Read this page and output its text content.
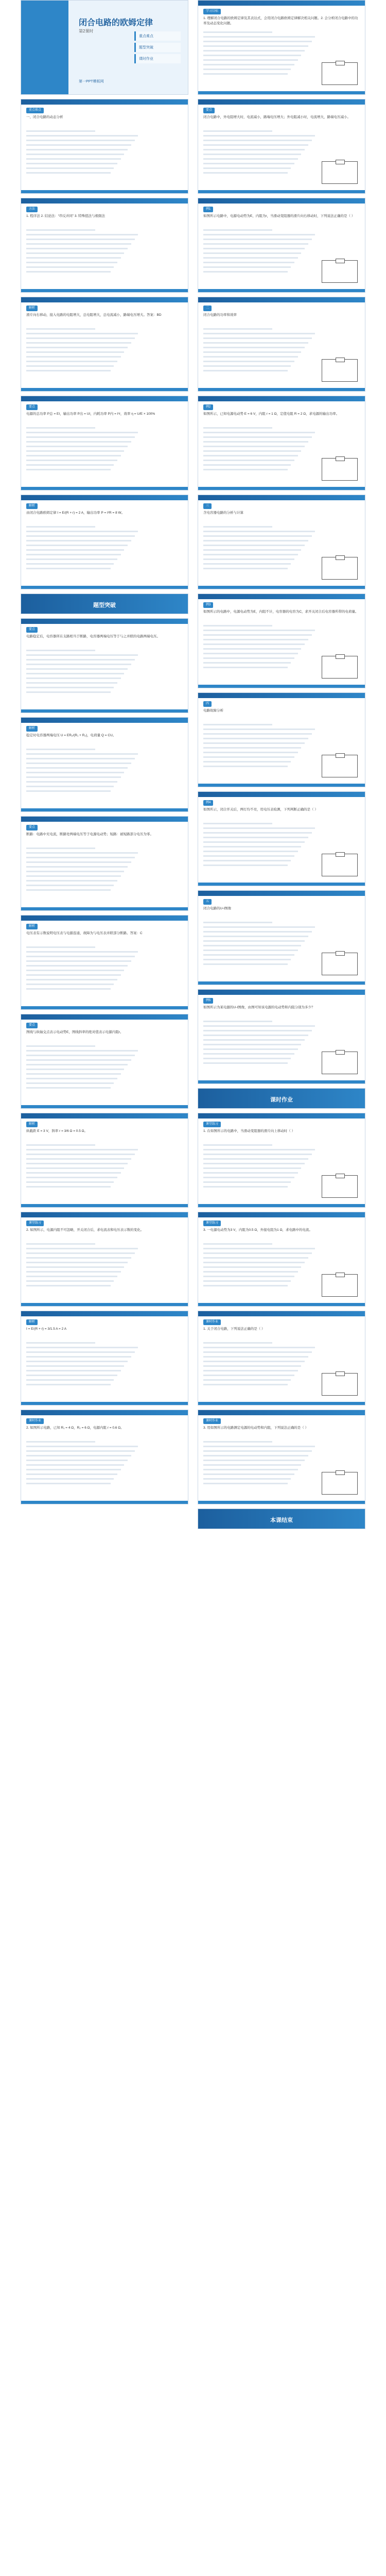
闭合电路的欧姆定律
第2课时
第一PPT模板网
重点难点
题型突破
课时作业
重点难点

一、闭合电路的动态分析

方法

1. 程序法 2. 结论法：“串反并同” 3. 特殊值法与极限法

解析

滑片向右移动，接入电路的电阻增大，总电阻增大，总电流减小，路端电压增大。答案：BD

要点

电源的总功率 P总 = EI，输出功率 P出 = UI，内耗功率 P内 = I²r，效率 η = U/E × 100%

解析

由闭合电路欧姆定律 I = E/(R + r) = 2 A，输出功率 P = I²R = 8 W。

题型突破
要点

电路稳定后，电容器所在支路相当于断路，电容器两端电压等于与之并联的电路两端电压。

解析

稳定时电容器两端电压 U = ER₂/(R₁ + R₂)，电荷量 Q = CU。

要点

断路：电路中无电流，断路处两端电压等于电源电动势；短路：被短路部分电压为零。

解析

电压表有示数说明电压表与电源连通，故障为与电压表并联部分断路。答案：C

要点

图线与纵轴交点表示电动势E，图线斜率的绝对值表示电源内阻r。

解析

纵截距 E = 3 V，斜率 r = 3/6 Ω = 0.5 Ω。

课堂练习

2. 如图所示，电源内阻不可忽略，开关闭合后，求电流表和电压表示数的变化。

解析

I = E/(R + r) = 3/1.5 A = 2 A

课时作业

2. 如图所示电路，已知 R₁ = 4 Ω，R₂ = 6 Ω，电源内阻 r = 0.6 Ω。

学习目标

1. 理解闭合电路的欧姆定律及其表达式，会用闭合电路欧姆定律解决相关问题。2. 会分析闭合电路中的功率及动态变化问题。

要点

闭合电路中，外电阻增大时，电流减小，路端电压增大；外电阻减小时，电流增大，路端电压减小。

例1

如图所示电路中，电源电动势为E，内阻为r，当滑动变阻器的滑片向右移动时，下列说法正确的是（ ）

二

闭合电路的功率和效率

例2

如图所示，已知电源电动势 E = 6 V，内阻 r = 1 Ω，定值电阻 R = 2 Ω，求电源的输出功率。

三

含电容器电路的分析与计算

例3

如图所示的电路中，电源电动势为E，内阻不计，电容器的电容为C，求开关闭合后电容器所带的电荷量。

四

电路故障分析

例4

如图所示，闭合开关后，两灯均不亮，用电压表检测，下列判断正确的是（ ）

五

闭合电路的U-I图像

例5

如图所示为某电源的U-I图像，由图可知该电源的电动势和内阻分别为多少？

课时作业
课堂练习

1. 在如图所示的电路中，当滑动变阻器的滑片向上移动时（ ）

课堂练习

3. 一电源电动势为3 V，内阻为0.5 Ω，外接电阻为1 Ω，求电路中的电流。

课时作业

1. 关于闭合电路，下列说法正确的是（ ）

课时作业

3. 用如图所示的电路测定电源的电动势和内阻，下列说法正确的是（ ）

本课结束
